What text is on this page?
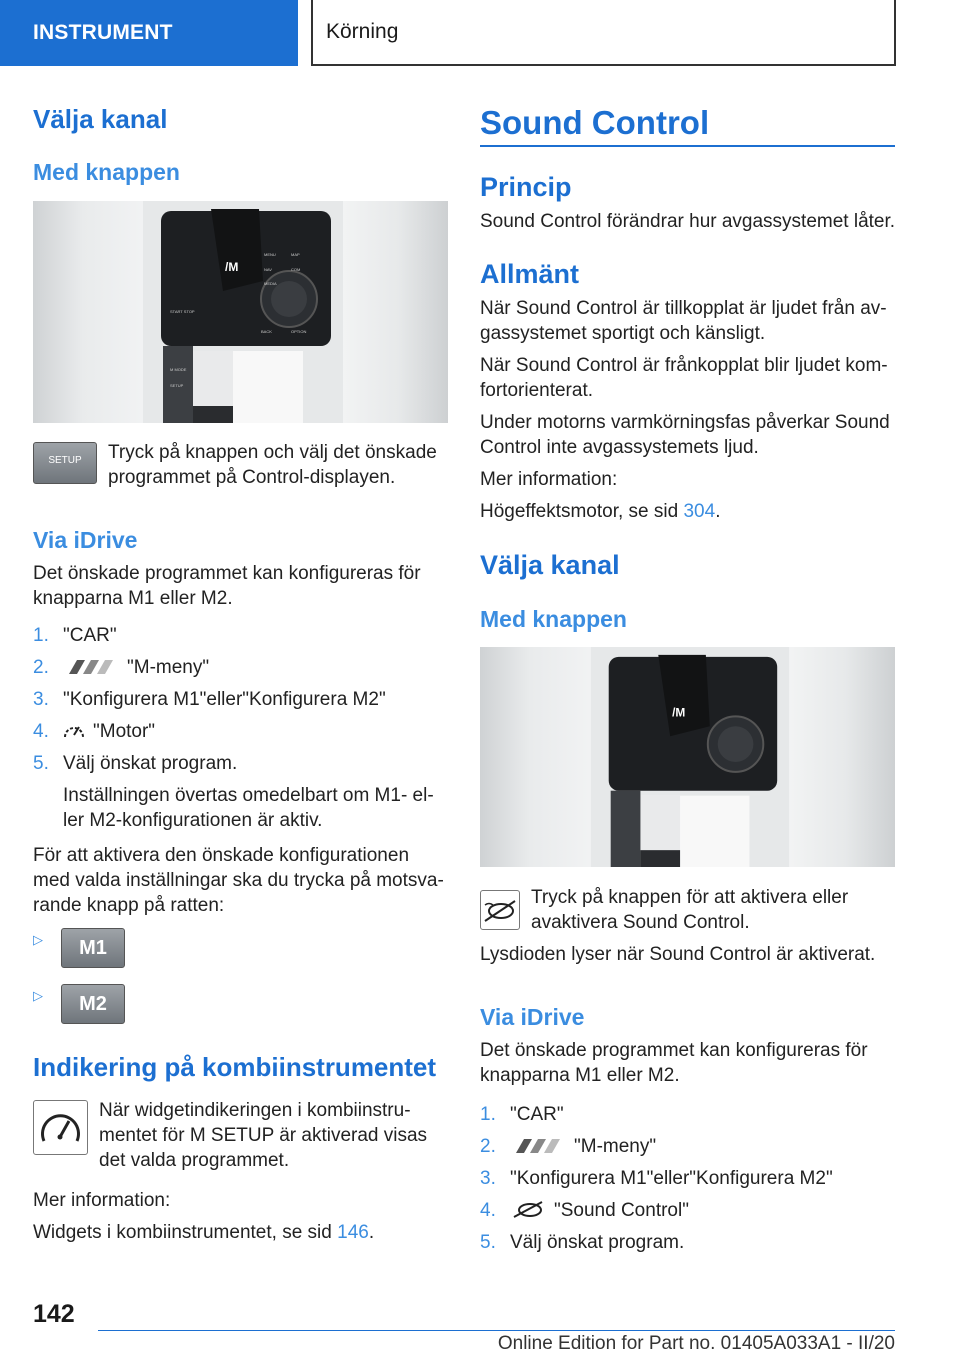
INSTRUMENT	Körning
Välja kanal
Med knappen
/M
MENU	MAP
NAV	COM
MEDIA
BACK	OPTION
START STOP
M MODE
SETUP
SETUP	Tryck på knappen och välj det önskade
programmet på Control-displayen.
Via iDrive
Det önskade programmet kan konfigureras för
knapparna M1 eller M2.
1. "CAR"
2.	"M-meny"
3. "Konfigurera M1"eller"Konfigurera M2"
4. "Motor"
5. Välj önskat program.
Inställningen övertas omedelbart om M1- el-
ler M2-konfigurationen är aktiv.
För att aktivera den önskade konfigurationen
med valda inställningar ska du trycka på motsva-
rande knapp på ratten:
▷	M1
▷	M2
Indikering på kombiinstrumentet
När widgetindikeringen i kombiinstru-
mentet för M SETUP är aktiverad visas
det valda programmet.
Mer information:
Widgets i kombiinstrumentet, se sid 146.
Sound Control
Princip
Sound Control förändrar hur avgassystemet låter.
Allmänt
När Sound Control är tillkopplat är ljudet från av-
gassystemet sportigt och känsligt.
När Sound Control är frånkopplat blir ljudet kom-
fortorienterat.
Under motorns varmkörningsfas påverkar Sound
Control inte avgassystemets ljud.
Mer information:
Högeffektsmotor, se sid 304.
Välja kanal
Med knappen
/M
Tryck på knappen för att aktivera eller
avaktivera Sound Control.
Lysdioden lyser när Sound Control är aktiverat.
Via iDrive
Det önskade programmet kan konfigureras för
knapparna M1 eller M2.
1. "CAR"
2.	"M-meny"
3. "Konfigurera M1"eller"Konfigurera M2"
4.	"Sound Control"
5. Välj önskat program.
142
Online Edition for Part no. 01405A033A1 - II/20
